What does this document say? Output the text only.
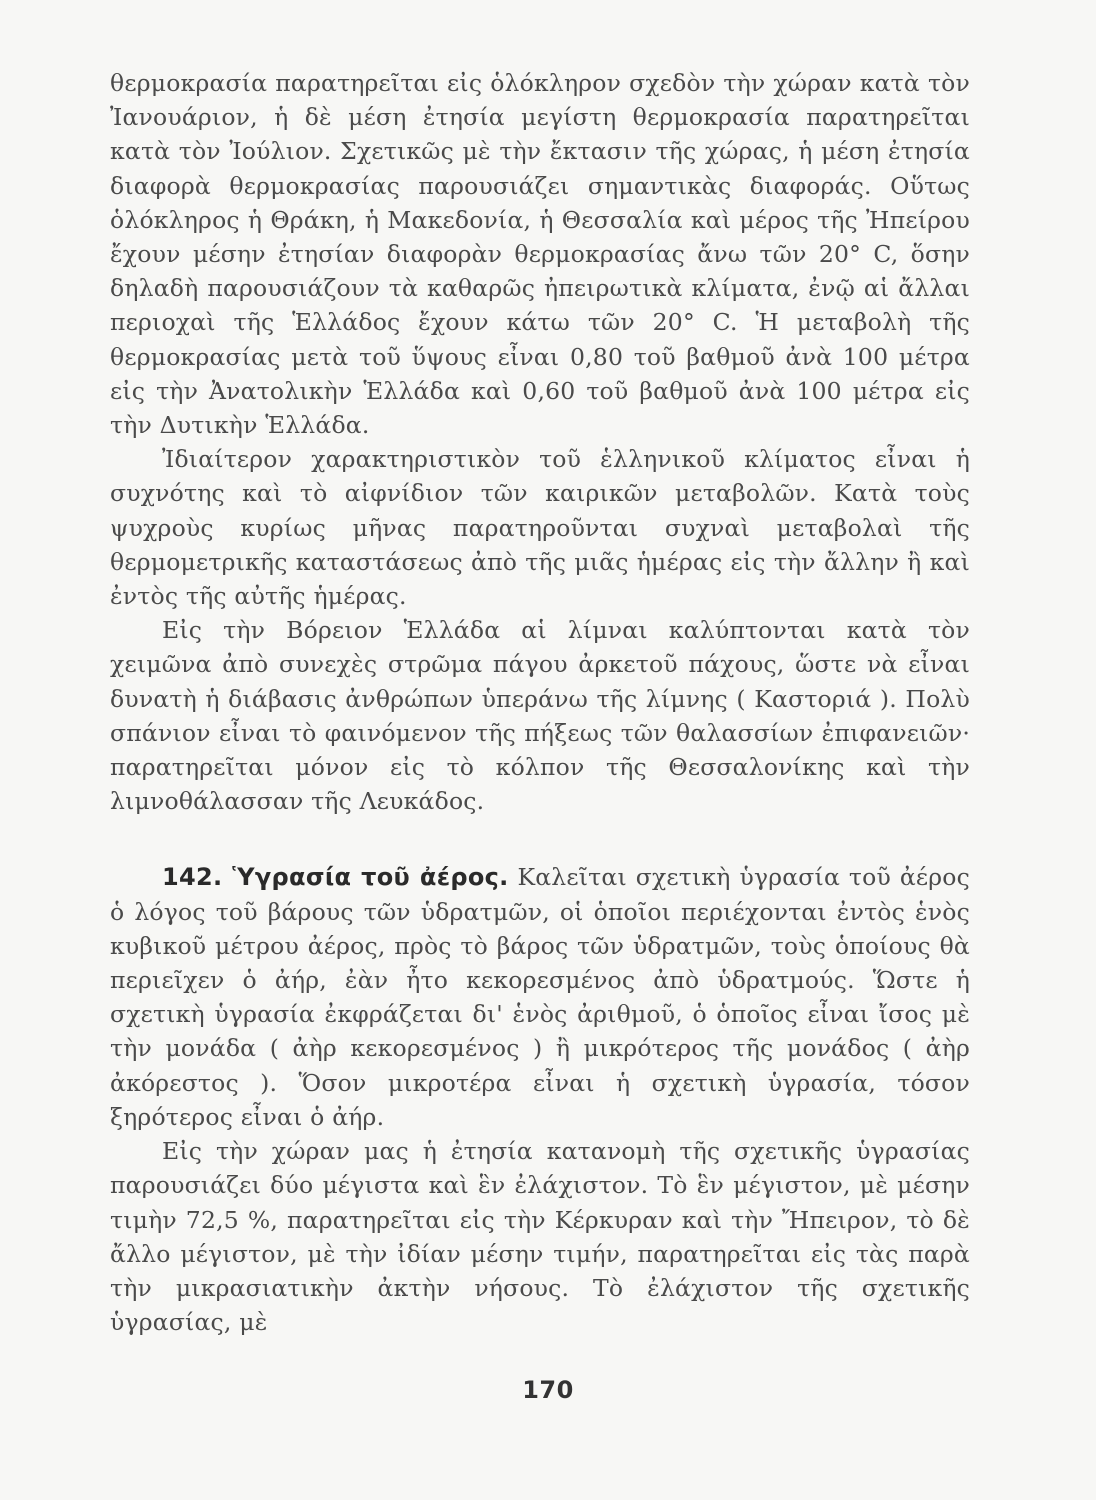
θερμοκρασία παρατηρεῖται εἰς ὁλόκληρον σχεδὸν τὴν χώραν κατὰ τὸν Ἰανουάριον, ἡ δὲ μέση ἐτησία μεγίστη θερμοκρασία παρατηρεῖται κατὰ τὸν Ἰούλιον. Σχετικῶς μὲ τὴν ἔκτασιν τῆς χώρας, ἡ μέση ἐτησία διαφορὰ θερμοκρασίας παρουσιάζει σημαντικὰς διαφοράς. Οὕτως ὁλόκληρος ἡ Θράκη, ἡ Μακεδονία, ἡ Θεσσαλία καὶ μέρος τῆς Ἠπείρου ἔχουν μέσην ἐτησίαν διαφορὰν θερμοκρασίας ἄνω τῶν 20° C, ὅσην δηλαδὴ παρουσιάζουν τὰ καθαρῶς ἠπειρωτικὰ κλίματα, ἐνῷ αἱ ἄλλαι περιοχαὶ τῆς Ἑλλάδος ἔχουν κάτω τῶν 20° C. Ἡ μεταβολὴ τῆς θερμοκρασίας μετὰ τοῦ ὕψους εἶναι 0,80 τοῦ βαθμοῦ ἀνὰ 100 μέτρα εἰς τὴν Ἀνατολικὴν Ἑλλάδα καὶ 0,60 τοῦ βαθμοῦ ἀνὰ 100 μέτρα εἰς τὴν Δυτικὴν Ἑλλάδα.

Ἰδιαίτερον χαρακτηριστικὸν τοῦ ἑλληνικοῦ κλίματος εἶναι ἡ συχνότης καὶ τὸ αἰφνίδιον τῶν καιρικῶν μεταβολῶν. Κατὰ τοὺς ψυχροὺς κυρίως μῆνας παρατηροῦνται συχναὶ μεταβολαὶ τῆς θερμομετρικῆς καταστάσεως ἀπὸ τῆς μιᾶς ἡμέρας εἰς τὴν ἄλλην ἢ καὶ ἐντὸς τῆς αὐτῆς ἡμέρας.

Εἰς τὴν Βόρειον Ἑλλάδα αἱ λίμναι καλύπτονται κατὰ τὸν χειμῶνα ἀπὸ συνεχὲς στρῶμα πάγου ἀρκετοῦ πάχους, ὥστε νὰ εἶναι δυνατὴ ἡ διάβασις ἀνθρώπων ὑπεράνω τῆς λίμνης ( Καστοριά ). Πολὺ σπάνιον εἶναι τὸ φαινόμενον τῆς πήξεως τῶν θαλασσίων ἐπιφανειῶν· παρατηρεῖται μόνον εἰς τὸ κόλπον τῆς Θεσσαλονίκης καὶ τὴν λιμνοθάλασσαν τῆς Λευκάδος.

142. Ὑγρασία τοῦ ἀέρος. Καλεῖται σχετικὴ ὑγρασία τοῦ ἀέρος ὁ λόγος τοῦ βάρους τῶν ὑδρατμῶν, οἱ ὁποῖοι περιέχονται ἐντὸς ἑνὸς κυβικοῦ μέτρου ἀέρος, πρὸς τὸ βάρος τῶν ὑδρατμῶν, τοὺς ὁποίους θὰ περιεῖχεν ὁ ἀήρ, ἐὰν ἦτο κεκορεσμένος ἀπὸ ὑδρατμούς. Ὥστε ἡ σχετικὴ ὑγρασία ἐκφράζεται δι' ἑνὸς ἀριθμοῦ, ὁ ὁποῖος εἶναι ἴσος μὲ τὴν μονάδα ( ἀὴρ κεκορεσμένος ) ἢ μικρότερος τῆς μονάδος ( ἀὴρ ἀκόρεστος ). Ὅσον μικροτέρα εἶναι ἡ σχετικὴ ὑγρασία, τόσον ξηρότερος εἶναι ὁ ἀήρ.

Εἰς τὴν χώραν μας ἡ ἐτησία κατανομὴ τῆς σχετικῆς ὑγρασίας παρουσιάζει δύο μέγιστα καὶ ἓν ἐλάχιστον. Τὸ ἓν μέγιστον, μὲ μέσην τιμὴν 72,5 %, παρατηρεῖται εἰς τὴν Κέρκυραν καὶ τὴν Ἤπειρον, τὸ δὲ ἄλλο μέγιστον, μὲ τὴν ἰδίαν μέσην τιμήν, παρατηρεῖται εἰς τὰς παρὰ τὴν μικρασιατικὴν ἀκτὴν νήσους. Τὸ ἐλάχιστον τῆς σχετικῆς ὑγρασίας, μὲ

170
